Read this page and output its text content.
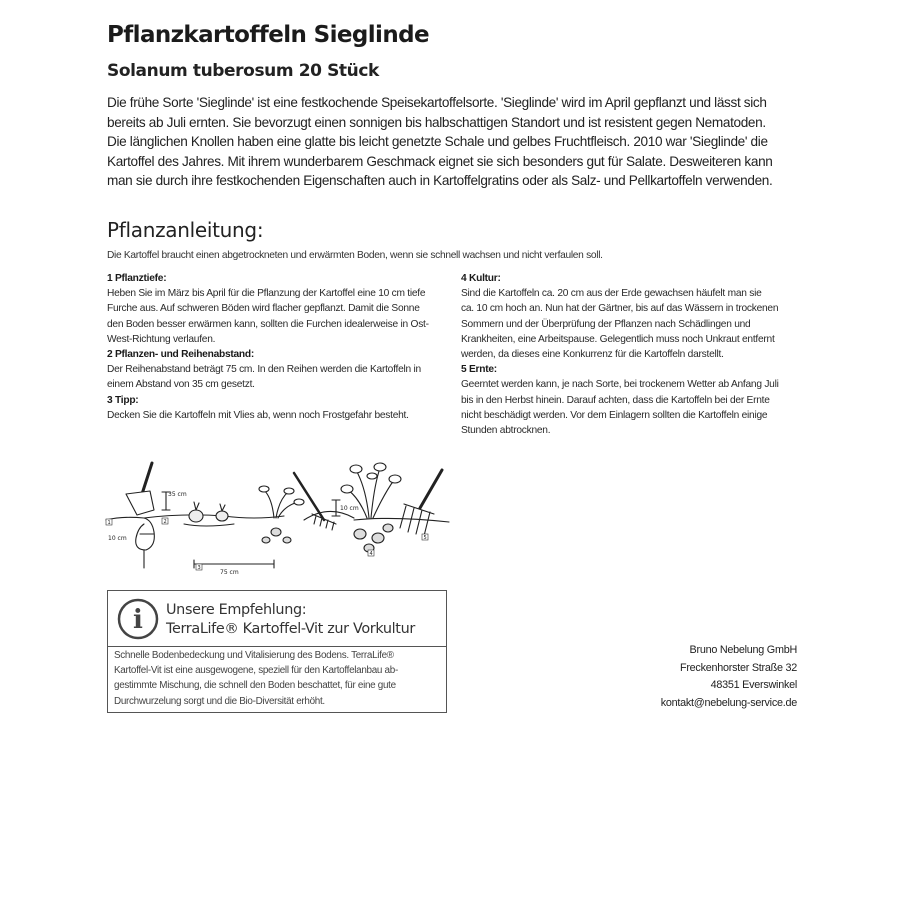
Pflanzkartoffeln Sieglinde
Solanum tuberosum 20 Stück
Die frühe Sorte 'Sieglinde' ist eine festkochende Speisekartoffelsorte. 'Sieglinde' wird im April gepflanzt und lässt sich
bereits ab Juli ernten. Sie bevorzugt einen sonnigen bis halbschattigen Standort und ist resistent gegen Nematoden.
Die länglichen Knollen haben eine glatte bis leicht genetzte Schale und gelbes Fruchtfleisch. 2010 war 'Sieglinde' die
Kartoffel des Jahres. Mit ihrem wunderbarem Geschmack eignet sie sich besonders gut für Salate. Desweiteren kann
man sie durch ihre festkochenden Eigenschaften auch in Kartoffelgratins oder als Salz- und Pellkartoffeln verwenden.
Pflanzanleitung:
Die Kartoffel braucht einen abgetrockneten und erwärmten Boden, wenn sie schnell wachsen und nicht verfaulen soll.
1 Pflanztiefe:
Heben Sie im März bis April für die Pflanzung der Kartoffel eine 10 cm tiefe
Furche aus. Auf schweren Böden wird flacher gepflanzt. Damit die Sonne
den Boden besser erwärmen kann, sollten die Furchen idealerweise in Ost-
West-Richtung verlaufen.
2 Pflanzen- und Reihenabstand:
Der Reihenabstand beträgt 75 cm. In den Reihen werden die Kartoffeln in
einem Abstand von 35 cm gesetzt.
3 Tipp:
Decken Sie die Kartoffeln mit Vlies ab, wenn noch Frostgefahr besteht.
4 Kultur:
Sind die Kartoffeln ca. 20 cm aus der Erde gewachsen häufelt man sie
ca. 10 cm hoch an. Nun hat der Gärtner, bis auf das Wässern in trockenen
Sommern und der Überprüfung der Pflanzen nach Schädlingen und
Krankheiten, eine Arbeitspause. Gelegentlich muss noch Unkraut entfernt
werden, da dieses eine Konkurrenz für die Kartoffeln darstellt.
5 Ernte:
Geerntet werden kann, je nach Sorte, bei trockenem Wetter ab Anfang Juli
bis in den Herbst hinein. Darauf achten, dass die Kartoffeln bei der Ernte
nicht beschädigt werden. Vor dem Einlagern sollten die Kartoffeln einige
Stunden abtrocknen.
35 cm
10 cm
75 cm
10 cm
1	2
3
4
5
i Unsere Empfehlung:
TerraLife® Kartoffel-Vit zur Vorkultur
Schnelle Bodenbedeckung und Vitalisierung des Bodens. TerraLife®
Kartoffel-Vit ist eine ausgewogene, speziell für den Kartoffelanbau ab-
gestimmte Mischung, die schnell den Boden beschattet, für eine gute
Durchwurzelung sorgt und die Bio-Diversität erhöht.
Bruno Nebelung GmbH
Freckenhorster Straße 32
48351 Everswinkel
kontakt@nebelung-service.de
